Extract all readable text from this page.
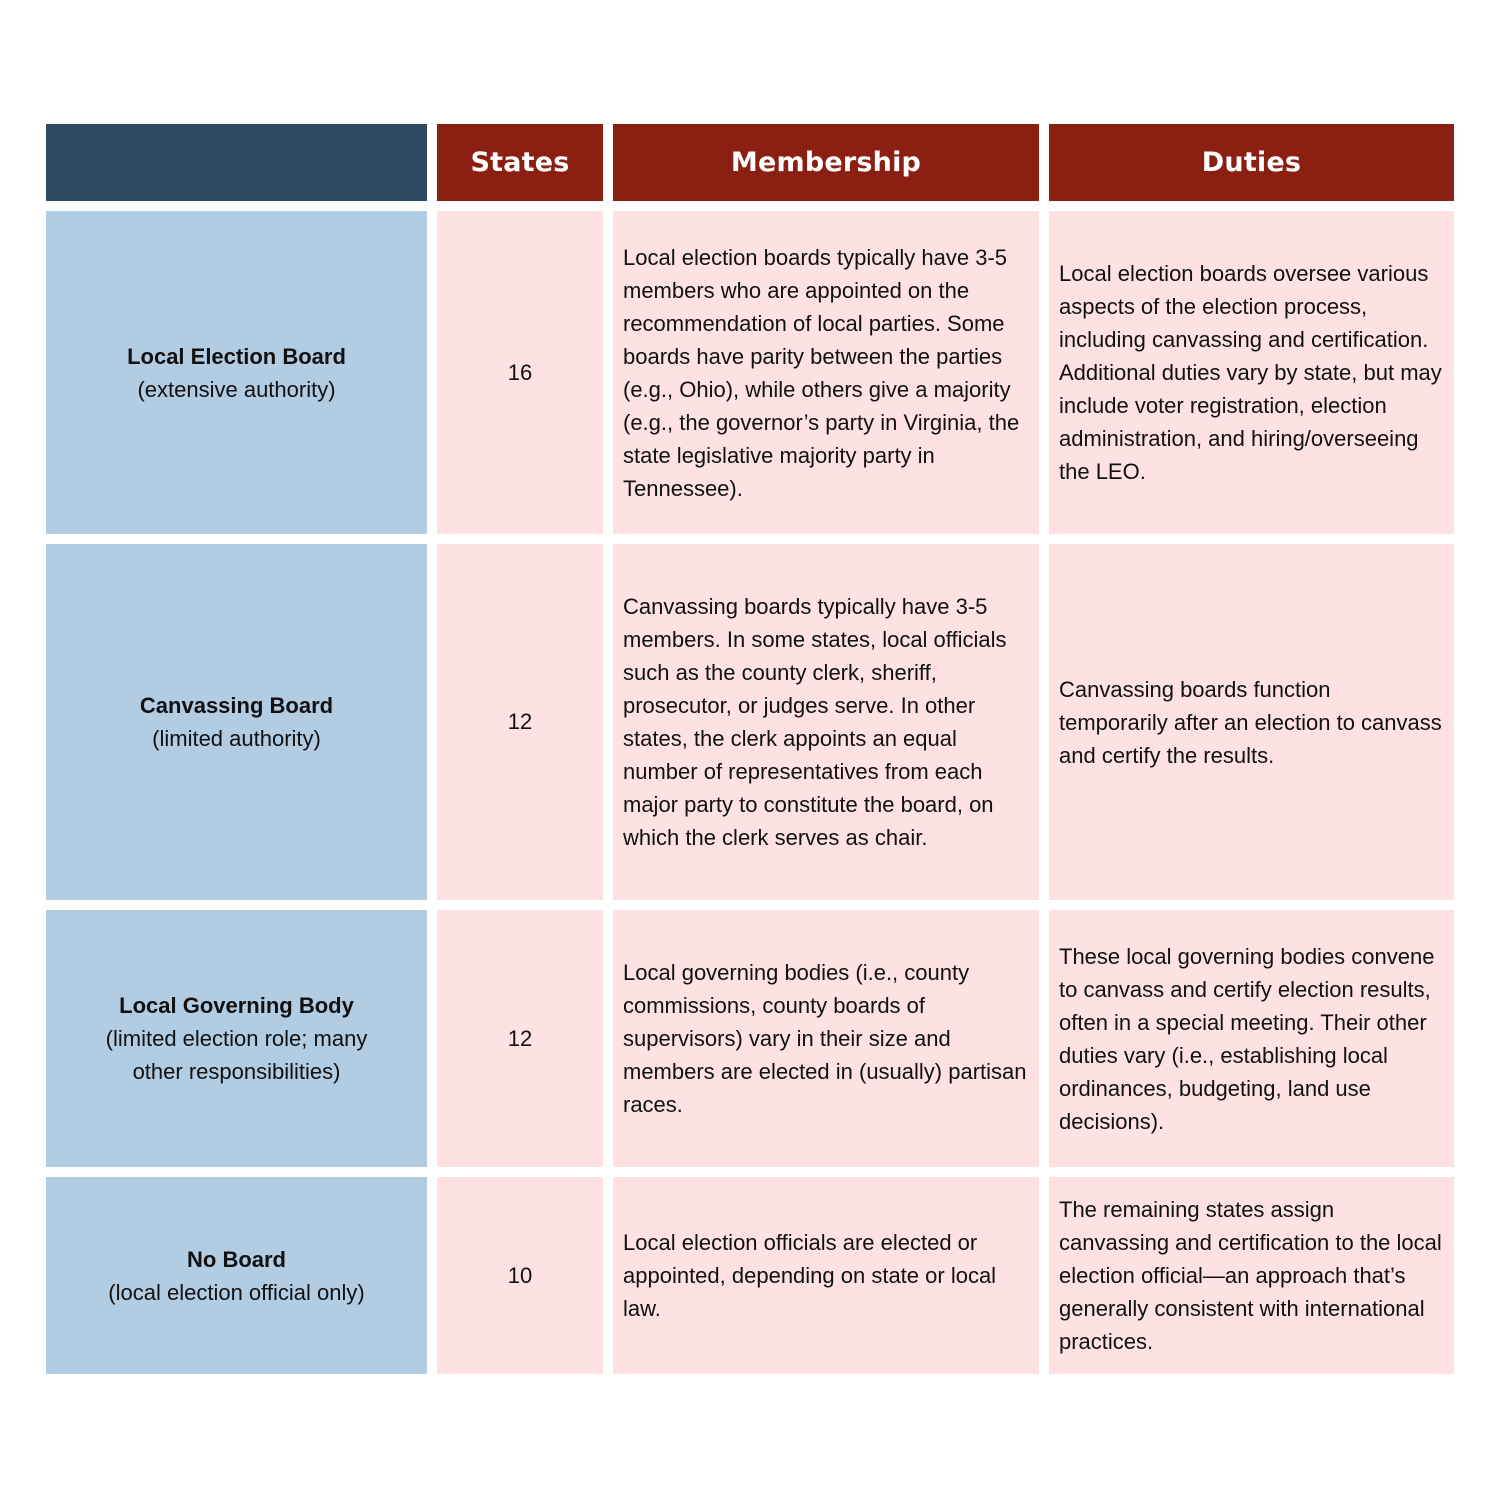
States	Membership	Duties
Local Election Board
(extensive authority)
16
Local election boards typically have 3-5 members who are appointed on the recommendation of local parties. Some boards have parity between the parties (e.g., Ohio), while others give a majority (e.g., the governor’s party in Virginia, the state legislative majority party in Tennessee).
Local election boards oversee various aspects of the election process, including canvassing and certification. Additional duties vary by state, but may include voter registration, election administration, and hiring/overseeing the LEO.
Canvassing Board
(limited authority)
12
Canvassing boards typically have 3-5 members. In some states, local officials such as the county clerk, sheriff, prosecutor, or judges serve. In other states, the clerk appoints an equal number of representatives from each major party to constitute the board, on which the clerk serves as chair.
Canvassing boards function temporarily after an election to canvass and certify the results.
Local Governing Body
(limited election role; many other responsibilities)
12
Local governing bodies (i.e., county commissions, county boards of supervisors) vary in their size and members are elected in (usually) partisan races.
These local governing bodies convene to canvass and certify election results, often in a special meeting. Their other duties vary (i.e., establishing local ordinances, budgeting, land use decisions).
No Board
(local election official only)
10
Local election officials are elected or appointed, depending on state or local law.
The remaining states assign canvassing and certification to the local election official—an approach that’s generally consistent with international practices.
